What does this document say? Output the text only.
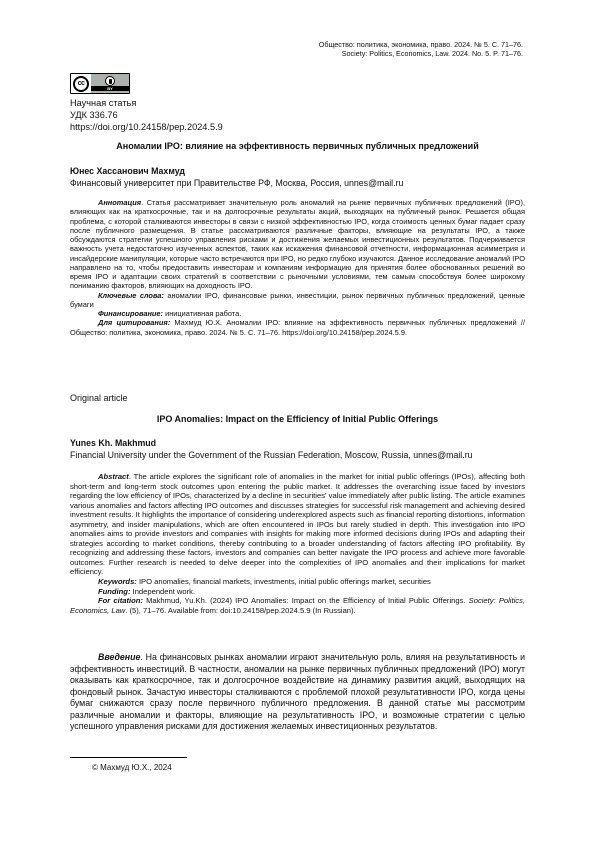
Общество: политика, экономика, право. 2024. № 5. С. 71–76.
Society: Politics, Economics, Law. 2024. No. 5. P. 71–76.
cc
BY
Научная статья
УДК 336.76
https://doi.org/10.24158/pep.2024.5.9
Аномалии IPO: влияние на эффективность первичных публичных предложений
Юнес Хассанович Махмуд
Финансовый университет при Правительстве РФ, Москва, Россия, unnes@mail.ru

Аннотация. Статья рассматривает значительную роль аномалий на рынке первичных публичных предложений (IPO), влияющих как на краткосрочные, так и на долгосрочные результаты акций, выходящих на публичный рынок. Решается общая проблема, с которой сталкиваются инвесторы в связи с низкой эффективностью IPO, когда стоимость ценных бумаг падает сразу после публичного размещения. В статье рассматриваются различные факторы, влияющие на результаты IPO, а также обсуждаются стратегии успешного управления рисками и достижения желаемых инвестиционных результатов. Подчеркивается важность учета недостаточно изученных аспектов, таких как искажения финансовой отчетности, информационная асимметрия и инсайдерские манипуляции, которые часто встречаются при IPO, но редко глубоко изучаются. Данное исследование аномалий IPO направлено на то, чтобы предоставить инвесторам и компаниям информацию для принятия более обоснованных решений во время IPO и адаптации своих стратегий в соответствии с рыночными условиями, тем самым способствуя более широкому пониманию факторов, влияющих на доходность IPO.

Ключевые слова: аномалии IPO, финансовые рынки, инвестиции, рынок первичных публичных предложений, ценные бумаги

Финансирование: инициативная работа.

Для цитирования: Махмуд Ю.Х. Аномалии IPO: влияние на эффективность первичных публичных предложений // Общество: политика, экономика, право. 2024. № 5. С. 71–76. https://doi.org/10.24158/pep.2024.5.9.

Original article
IPO Anomalies: Impact on the Efficiency of Initial Public Offerings
Yunes Kh. Makhmud
Financial University under the Government of the Russian Federation, Moscow, Russia, unnes@mail.ru

Abstract. The article explores the significant role of anomalies in the market for initial public offerings (IPOs), affecting both short-term and long-term stock outcomes upon entering the public market. It addresses the overarching issue faced by investors regarding the low efficiency of IPOs, characterized by a decline in securities' value immediately after public listing. The article examines various anomalies and factors affecting IPO outcomes and discusses strategies for successful risk management and achieving desired investment results. It highlights the importance of considering underexplored aspects such as financial reporting distortions, information asymmetry, and insider manipulations, which are often encountered in IPOs but rarely studied in depth. This investigation into IPO anomalies aims to provide investors and companies with insights for making more informed decisions during IPOs and adapting their strategies according to market conditions, thereby contributing to a broader understanding of factors affecting IPO profitability. By recognizing and addressing these factors, investors and companies can better navigate the IPO process and achieve more favorable outcomes. Further research is needed to delve deeper into the complexities of IPO anomalies and their implications for market efficiency.

Keywords: IPO anomalies, financial markets, investments, initial public offerings market, securities

Funding: Independent work.

For citation: Makhmud, Yu.Kh. (2024) IPO Anomalies: Impact on the Efficiency of Initial Public Offerings. Society: Politics, Economics, Law. (5), 71–76. Available from: doi:10.24158/pep.2024.5.9 (In Russian).

Введение. На финансовых рынках аномалии играют значительную роль, влияя на результативность и эффективность инвестиций. В частности, аномалии на рынке первичных публичных предложений (IPO) могут оказывать как краткосрочное, так и долгосрочное воздействие на динамику развития акций, выходящих на фондовый рынок. Зачастую инвесторы сталкиваются с проблемой плохой результативности IPO, когда цены бумаг снижаются сразу после первичного публичного предложения. В данной статье мы рассмотрим различные аномалии и факторы, влияющие на результативность IPO, и возможные стратегии с целью успешного управления рисками для достижения желаемых инвестиционных результатов.

© Махмуд Ю.Х., 2024
